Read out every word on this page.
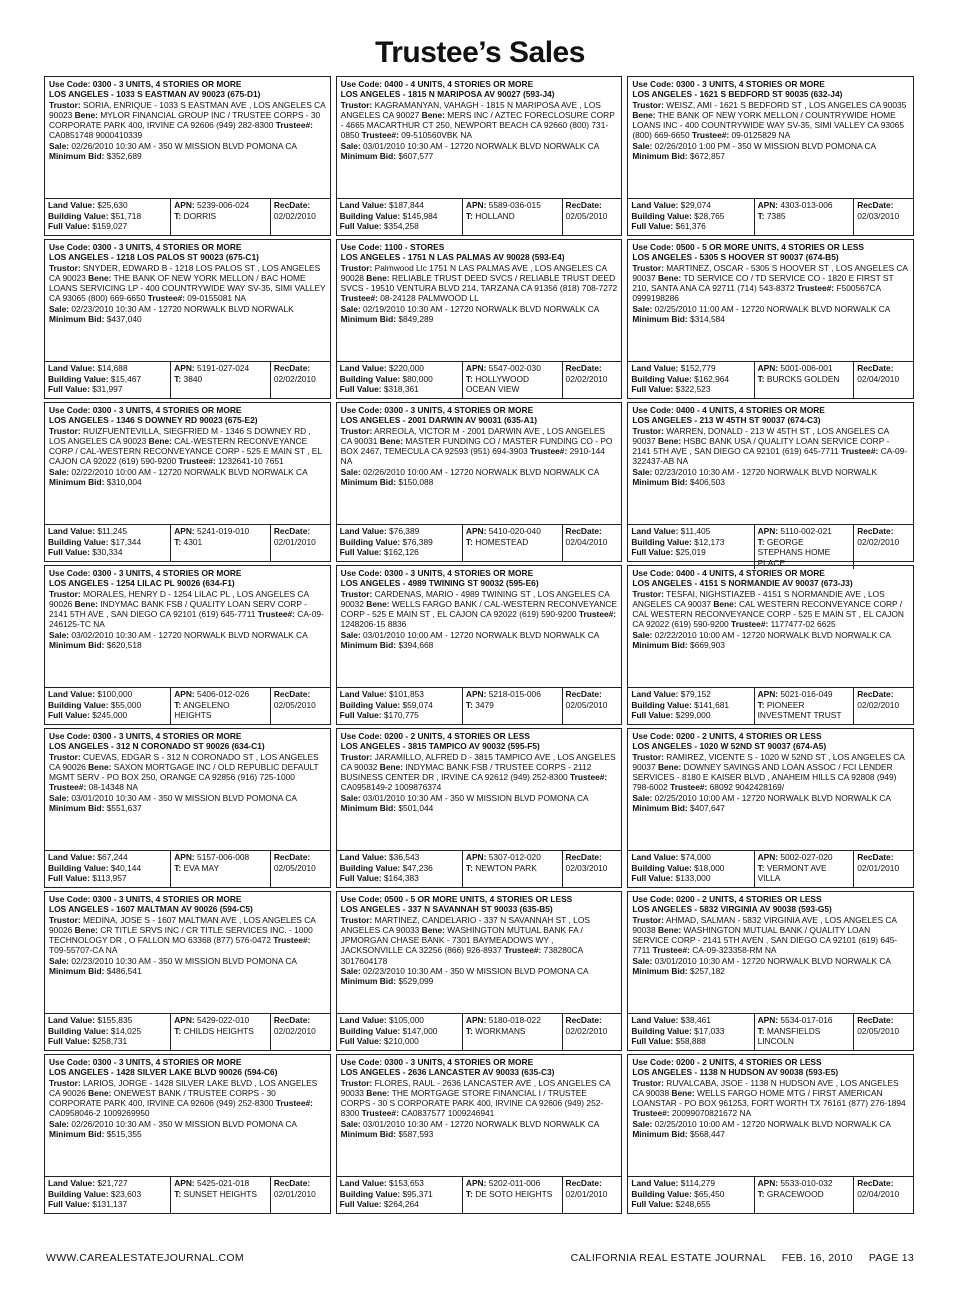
Trustee’s Sales
Use Code: 0300 - 3 UNITS, 4 STORIES OR MORE
LOS ANGELES - 1033 S EASTMAN AV 90023 (675-D1)
Trustor: SORIA, ENRIQUE - 1033 S EASTMAN AVE , LOS ANGELES CA 90023 Bene: MYLOR FINANCIAL GROUP INC / TRUSTEE CORPS - 30 CORPORATE PARK 400, IRVINE CA 92606 (949) 282-8300 Trustee#: CA0851748 9000410339
Sale: 02/26/2010 10:30 AM - 350 W MISSION BLVD POMONA CA
Minimum Bid: $352,689
Land Value: $25,630
Building Value: $51,718
Full Value: $159,027
APN: 5239-006-024
T: DORRIS
RecDate:
02/02/2010
Use Code: 0400 - 4 UNITS, 4 STORIES OR MORE
LOS ANGELES - 1815 N MARIPOSA AV 90027 (593-J4)
Trustor: KAGRAMANYAN, VAHAGH - 1815 N MARIPOSA AVE , LOS ANGELES CA 90027 Bene: MERS INC / AZTEC FORECLOSURE CORP - 4665 MACARTHUR CT 250, NEWPORT BEACH CA 92660 (800) 731-0850 Trustee#: 09-510560VBK NA
Sale: 03/01/2010 10:30 AM - 12720 NORWALK BLVD NORWALK CA
Minimum Bid: $607,577
Land Value: $187,844
Building Value: $145,984
Full Value: $354,258
APN: 5589-036-015
T: HOLLAND
RecDate:
02/05/2010
Use Code: 0300 - 3 UNITS, 4 STORIES OR MORE
LOS ANGELES - 1621 S BEDFORD ST 90035 (632-J4)
Trustor: WEISZ, AMI - 1621 S BEDFORD ST , LOS ANGELES CA 90035 Bene: THE BANK OF NEW YORK MELLON / COUNTRYWIDE HOME LOANS INC - 400 COUNTRYWIDE WAY SV-35, SIMI VALLEY CA 93065 (800) 669-6650 Trustee#: 09-0125829 NA
Sale: 02/26/2010 1:00 PM - 350 W MISSION BLVD POMONA CA
Minimum Bid: $672,857
Land Value: $29,074
Building Value: $28,765
Full Value: $61,376
APN: 4303-013-006
T: 7385
RecDate:
02/03/2010
Use Code: 0300 - 3 UNITS, 4 STORIES OR MORE
LOS ANGELES - 1218 LOS PALOS ST 90023 (675-C1)
Trustor: SNYDER, EDWARD B - 1218 LOS PALOS ST , LOS ANGELES CA 90023 Bene: THE BANK OF NEW YORK MELLON / BAC HOME LOANS SERVICING LP - 400 COUNTRYWIDE WAY SV-35, SIMI VALLEY CA 93065 (800) 669-6650 Trustee#: 09-0155081 NA
Sale: 02/23/2010 10:30 AM - 12720 NORWALK BLVD NORWALK
Minimum Bid: $437,040
Land Value: $14,688
Building Value: $15,467
Full Value: $31,997
APN: 5191-027-024
T: 3840
RecDate:
02/02/2010
Use Code: 1100 - STORES
LOS ANGELES - 1751 N LAS PALMAS AV 90028 (593-E4)
Trustor: Palmwood Llc 1751 N LAS PALMAS AVE , LOS ANGELES CA 90028 Bene: RELIABLE TRUST DEED SVCS / RELIABLE TRUST DEED SVCS - 19510 VENTURA BLVD 214, TARZANA CA 91356 (818) 708-7272 Trustee#: 08-24128 PALMWOOD LL
Sale: 02/19/2010 10:30 AM - 12720 NORWALK BLVD NORWALK CA
Minimum Bid: $849,289
Land Value: $220,000
Building Value: $80,000
Full Value: $318,361
APN: 5547-002-030
T: HOLLYWOOD OCEAN VIEW
RecDate:
02/02/2010
Use Code: 0500 - 5 OR MORE UNITS, 4 STORIES OR LESS
LOS ANGELES - 5305 S HOOVER ST 90037 (674-B5)
Trustor: MARTINEZ, OSCAR - 5305 S HOOVER ST , LOS ANGELES CA 90037 Bene: TD SERVICE CO / TD SERVICE CO - 1820 E FIRST ST 210, SANTA ANA CA 92711 (714) 543-8372 Trustee#: F500567CA 0999198286
Sale: 02/25/2010 11:00 AM - 12720 NORWALK BLVD NORWALK CA
Minimum Bid: $314,584
Land Value: $152,779
Building Value: $162,964
Full Value: $322,523
APN: 5001-006-001
T: BURCKS GOLDEN
RecDate:
02/04/2010
Use Code: 0300 - 3 UNITS, 4 STORIES OR MORE
LOS ANGELES - 1346 S DOWNEY RD 90023 (675-E2)
Trustor: RUIZFUENTEVILLA, SIEGFRIED M - 1346 S DOWNEY RD , LOS ANGELES CA 90023 Bene: CAL-WESTERN RECONVEYANCE CORP / CAL-WESTERN RECONVEYANCE CORP - 525 E MAIN ST , EL CAJON CA 92022 (619) 590-9200 Trustee#: 1232641-10 7651
Sale: 02/22/2010 10:00 AM - 12720 NORWALK BLVD NORWALK CA
Minimum Bid: $310,004
Land Value: $11,245
Building Value: $17,344
Full Value: $30,334
APN: 5241-019-010
T: 4301
RecDate:
02/01/2010
Use Code: 0300 - 3 UNITS, 4 STORIES OR MORE
LOS ANGELES - 2001 DARWIN AV 90031 (635-A1)
Trustor: ARREOLA, VICTOR M - 2001 DARWIN AVE , LOS ANGELES CA 90031 Bene: MASTER FUNDING CO / MASTER FUNDING CO - PO BOX 2467, TEMECULA CA 92593 (951) 694-3903 Trustee#: 2910-144 NA
Sale: 02/26/2010 10:00 AM - 12720 NORWALK BLVD NORWALK CA
Minimum Bid: $150,088
Land Value: $76,389
Building Value: $76,389
Full Value: $162,126
APN: 5410-020-040
T: HOMESTEAD
RecDate:
02/04/2010
Use Code: 0400 - 4 UNITS, 4 STORIES OR MORE
LOS ANGELES - 213 W 45TH ST 90037 (674-C3)
Trustor: WARREN, DONALD - 213 W 45TH ST , LOS ANGELES CA 90037 Bene: HSBC BANK USA / QUALITY LOAN SERVICE CORP - 2141 5TH AVE , SAN DIEGO CA 92101 (619) 645-7711 Trustee#: CA-09-322437-AB NA
Sale: 02/23/2010 10:30 AM - 12720 NORWALK BLVD NORWALK
Minimum Bid: $406,503
Land Value: $11,405
Building Value: $12,173
Full Value: $25,019
APN: 5110-002-021
T: GEORGE STEPHANS HOME PLACE
RecDate:
02/02/2010
Use Code: 0300 - 3 UNITS, 4 STORIES OR MORE
LOS ANGELES - 1254 LILAC PL 90026 (634-F1)
Trustor: MORALES, HENRY D - 1254 LILAC PL , LOS ANGELES CA 90026 Bene: INDYMAC BANK FSB / QUALITY LOAN SERV CORP - 2141 5TH AVE , SAN DIEGO CA 92101 (619) 645-7711 Trustee#: CA-09-246125-TC NA
Sale: 03/02/2010 10:30 AM - 12720 NORWALK BLVD NORWALK CA
Minimum Bid: $620,518
Land Value: $100,000
Building Value: $55,000
Full Value: $245,000
APN: 5406-012-026
T: ANGELENO HEIGHTS
RecDate:
02/05/2010
Use Code: 0300 - 3 UNITS, 4 STORIES OR MORE
LOS ANGELES - 4989 TWINING ST 90032 (595-E6)
Trustor: CARDENAS, MARIO - 4989 TWINING ST , LOS ANGELES CA 90032 Bene: WELLS FARGO BANK / CAL-WESTERN RECONVEYANCE CORP - 525 E MAIN ST , EL CAJON CA 92022 (619) 590-9200 Trustee#: 1248206-15 8836
Sale: 03/01/2010 10:00 AM - 12720 NORWALK BLVD NORWALK CA
Minimum Bid: $394,668
Land Value: $101,853
Building Value: $59,074
Full Value: $170,775
APN: 5218-015-006
T: 3479
RecDate:
02/05/2010
Use Code: 0400 - 4 UNITS, 4 STORIES OR MORE
LOS ANGELES - 4151 S NORMANDIE AV 90037 (673-J3)
Trustor: TESFAI, NIGHSTIAZEB - 4151 S NORMANDIE AVE , LOS ANGELES CA 90037 Bene: CAL WESTERN RECONVEYANCE CORP / CAL WESTERN RECONVEYANCE CORP - 525 E MAIN ST , EL CAJON CA 92022 (619) 590-9200 Trustee#: 1177477-02 6625
Sale: 02/22/2010 10:00 AM - 12720 NORWALK BLVD NORWALK CA
Minimum Bid: $669,903
Land Value: $79,152
Building Value: $141,681
Full Value: $299,000
APN: 5021-016-049
T: PIONEER INVESTMENT TRUST
RecDate:
02/02/2010
Use Code: 0300 - 3 UNITS, 4 STORIES OR MORE
LOS ANGELES - 312 N CORONADO ST 90026 (634-C1)
Trustor: CUEVAS, EDGAR S - 312 N CORONADO ST , LOS ANGELES CA 90026 Bene: SAXON MORTGAGE INC / OLD REPUBLIC DEFAULT MGMT SERV - PO BOX 250, ORANGE CA 92856 (916) 725-1000 Trustee#: 08-14348 NA
Sale: 03/01/2010 10:30 AM - 350 W MISSION BLVD POMONA CA
Minimum Bid: $551,637
Land Value: $67,244
Building Value: $40,144
Full Value: $113,957
APN: 5157-006-008
T: EVA MAY
RecDate:
02/05/2010
Use Code: 0200 - 2 UNITS, 4 STORIES OR LESS
LOS ANGELES - 3815 TAMPICO AV 90032 (595-F5)
Trustor: JARAMILLO, ALFRED D - 3815 TAMPICO AVE , LOS ANGELES CA 90032 Bene: INDYMAC BANK FSB / TRUSTEE CORPS - 2112 BUSINESS CENTER DR , IRVINE CA 92612 (949) 252-8300 Trustee#: CA0958149-2 1009876374
Sale: 03/01/2010 10:30 AM - 350 W MISSION BLVD POMONA CA
Minimum Bid: $501,044
Land Value: $36,543
Building Value: $47,236
Full Value: $164,383
APN: 5307-012-020
T: NEWTON PARK
RecDate:
02/03/2010
Use Code: 0200 - 2 UNITS, 4 STORIES OR LESS
LOS ANGELES - 1020 W 52ND ST 90037 (674-A5)
Trustor: RAMIREZ, VICENTE S - 1020 W 52ND ST , LOS ANGELES CA 90037 Bene: DOWNEY SAVINGS AND LOAN ASSOC / FCI LENDER SERVICES - 8180 E KAISER BLVD , ANAHEIM HILLS CA 92808 (949) 798-6002 Trustee#: 68092 9042428169/
Sale: 02/25/2010 10:00 AM - 12720 NORWALK BLVD NORWALK CA
Minimum Bid: $407,647
Land Value: $74,000
Building Value: $18,000
Full Value: $133,000
APN: 5002-027-020
T: VERMONT AVE VILLA
RecDate:
02/01/2010
Use Code: 0300 - 3 UNITS, 4 STORIES OR MORE
LOS ANGELES - 1607 MALTMAN AV 90026 (594-C5)
Trustor: MEDINA, JOSE S - 1607 MALTMAN AVE , LOS ANGELES CA 90026 Bene: CR TITLE SRVS INC / CR TITLE SERVICES INC. - 1000 TECHNOLOGY DR , O FALLON MO 63368 (877) 576-0472 Trustee#: T09-55707-CA NA
Sale: 02/23/2010 10:30 AM - 350 W MISSION BLVD POMONA CA
Minimum Bid: $486,541
Land Value: $155,835
Building Value: $14,025
Full Value: $258,731
APN: 5429-022-010
T: CHILDS HEIGHTS
RecDate:
02/02/2010
Use Code: 0500 - 5 OR MORE UNITS, 4 STORIES OR LESS
LOS ANGELES - 337 N SAVANNAH ST 90033 (635-B5)
Trustor: MARTINEZ, CANDELARIO - 337 N SAVANNAH ST , LOS ANGELES CA 90033 Bene: WASHINGTON MUTUAL BANK FA / JPMORGAN CHASE BANK - 7301 BAYMEADOWS WY , JACKSONVILLE CA 32256 (866) 926-8937 Trustee#: 738280CA 3017604178
Sale: 02/23/2010 10:30 AM - 350 W MISSION BLVD POMONA CA
Minimum Bid: $529,099
Land Value: $105,000
Building Value: $147,000
Full Value: $210,000
APN: 5180-018-022
T: WORKMANS
RecDate:
02/02/2010
Use Code: 0200 - 2 UNITS, 4 STORIES OR LESS
LOS ANGELES - 5832 VIRGINIA AV 90038 (593-G5)
Trustor: AHMAD, SALMAN - 5832 VIRGINIA AVE , LOS ANGELES CA 90038 Bene: WASHINGTON MUTUAL BANK / QUALITY LOAN SERVICE CORP - 2141 5TH AVEN , SAN DIEGO CA 92101 (619) 645-7711 Trustee#: CA-09-323358-RM NA
Sale: 03/01/2010 10:30 AM - 12720 NORWALK BLVD NORWALK CA
Minimum Bid: $257,182
Land Value: $38,461
Building Value: $17,033
Full Value: $58,888
APN: 5534-017-016
T: MANSFIELDS LINCOLN
RecDate:
02/05/2010
Use Code: 0300 - 3 UNITS, 4 STORIES OR MORE
LOS ANGELES - 1428 SILVER LAKE BLVD 90026 (594-C6)
Trustor: LARIOS, JORGE - 1428 SILVER LAKE BLVD , LOS ANGELES CA 90026 Bene: ONEWEST BANK / TRUSTEE CORPS - 30 CORPORATE PARK 400, IRVINE CA 92606 (949) 252-8300 Trustee#: CA0958046-2 1009269950
Sale: 02/26/2010 10:30 AM - 350 W MISSION BLVD POMONA CA
Minimum Bid: $515,355
Land Value: $21,727
Building Value: $23,603
Full Value: $131,137
APN: 5425-021-018
T: SUNSET HEIGHTS
RecDate:
02/01/2010
Use Code: 0300 - 3 UNITS, 4 STORIES OR MORE
LOS ANGELES - 2636 LANCASTER AV 90033 (635-C3)
Trustor: FLORES, RAUL - 2636 LANCASTER AVE , LOS ANGELES CA 90033 Bene: THE MORTGAGE STORE FINANCIAL I / TRUSTEE CORPS - 30 S CORPORATE PARK 400, IRVINE CA 92606 (949) 252-8300 Trustee#: CA0837577 1009246941
Sale: 03/01/2010 10:30 AM - 12720 NORWALK BLVD NORWALK CA
Minimum Bid: $587,593
Land Value: $153,653
Building Value: $95,371
Full Value: $264,264
APN: 5202-011-006
T: DE SOTO HEIGHTS
RecDate:
02/01/2010
Use Code: 0200 - 2 UNITS, 4 STORIES OR LESS
LOS ANGELES - 1138 N HUDSON AV 90038 (593-E5)
Trustor: RUVALCABA, JSOE - 1138 N HUDSON AVE , LOS ANGELES CA 90038 Bene: WELLS FARGO HOME MTG / FIRST AMERICAN LOANSTAR - PO BOX 961253, FORT WORTH TX 76161 (877) 276-1894 Trustee#: 20099070821672 NA
Sale: 02/25/2010 10:00 AM - 12720 NORWALK BLVD NORWALK CA
Minimum Bid: $568,447
Land Value: $114,279
Building Value: $65,450
Full Value: $248,655
APN: 5533-010-032
T: GRACEWOOD
RecDate:
02/04/2010
WWW.CAREALESTATEJOURNAL.COM	CALIFORNIA REAL ESTATE JOURNAL     FEB. 16, 2010     PAGE 13
